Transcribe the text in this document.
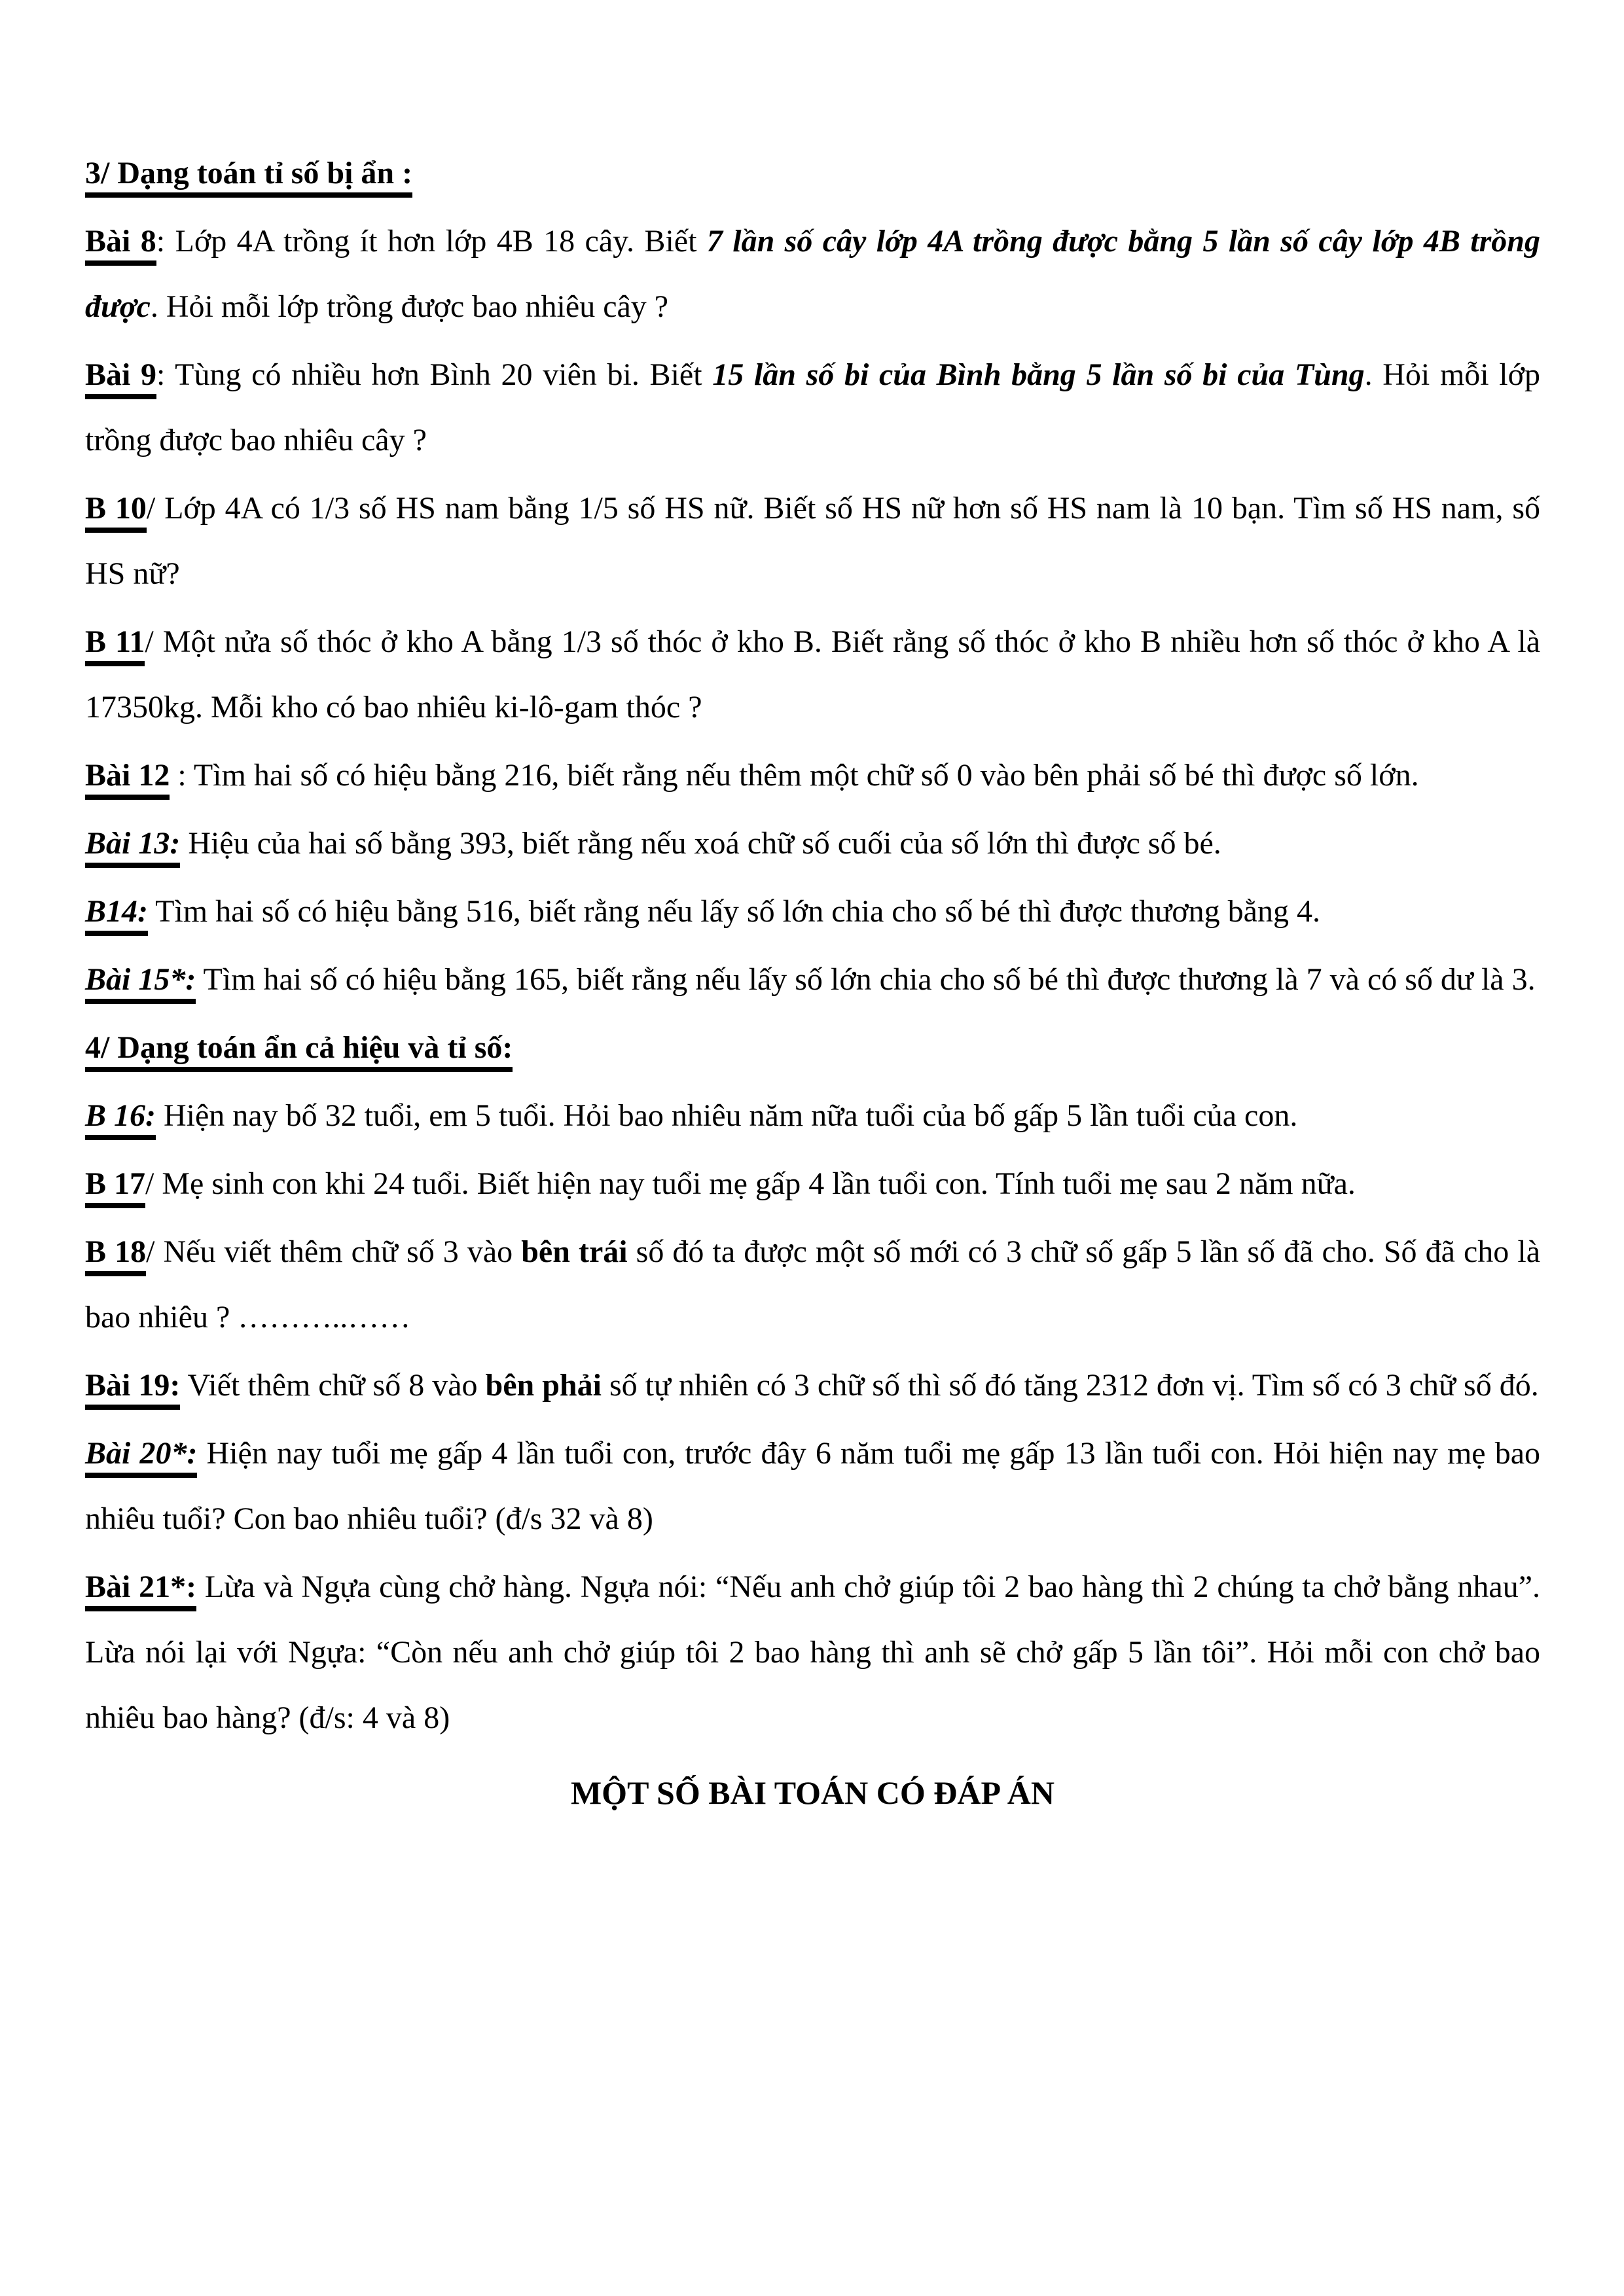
3/ Dạng toán tỉ số bị ẩn :

Bài 8: Lớp 4A trồng ít hơn lớp 4B 18 cây. Biết 7 lần số cây lớp 4A trồng được bằng 5 lần số cây lớp 4B trồng được. Hỏi mỗi lớp trồng được bao nhiêu cây ?

Bài 9: Tùng có nhiều hơn Bình 20 viên bi. Biết 15 lần số bi của Bình bằng 5 lần số bi của Tùng. Hỏi mỗi lớp trồng được bao nhiêu cây ?

B 10/ Lớp 4A có 1/3 số HS nam bằng 1/5 số HS nữ. Biết số HS nữ hơn số HS nam là 10 bạn. Tìm số HS nam, số HS nữ?

B 11/ Một nửa số thóc ở kho A bằng 1/3 số thóc ở kho B. Biết rằng số thóc ở kho B nhiều hơn số thóc ở kho A là 17350kg. Mỗi kho có bao nhiêu ki-lô-gam thóc ?

Bài 12 : Tìm hai số có hiệu bằng 216, biết rằng nếu thêm một chữ số 0 vào bên phải số bé thì được số lớn.

Bài 13: Hiệu của hai số bằng 393, biết rằng nếu xoá chữ số cuối của số lớn thì được số bé.

B14: Tìm hai số có hiệu bằng 516, biết rằng nếu lấy số lớn chia cho số bé thì được thương bằng 4.

Bài 15*: Tìm hai số có hiệu bằng 165, biết rằng nếu lấy số lớn chia cho số bé thì được thương là 7 và có số dư là 3.

4/ Dạng toán ẩn cả hiệu và tỉ số:

B 16: Hiện nay bố 32 tuổi, em 5 tuổi. Hỏi bao nhiêu năm nữa tuổi của bố gấp 5 lần tuổi của con.

B 17/ Mẹ sinh con khi 24 tuổi. Biết hiện nay tuổi mẹ gấp 4 lần tuổi con. Tính tuổi mẹ sau 2 năm nữa.

B 18/ Nếu viết thêm chữ số 3 vào bên trái số đó ta được một số mới có 3 chữ số gấp 5 lần số đã cho. Số đã cho là bao nhiêu ? ………..……

Bài 19: Viết thêm chữ số 8 vào bên phải số tự nhiên có 3 chữ số thì số đó tăng 2312 đơn vị. Tìm số có 3 chữ số đó.

Bài 20*: Hiện nay tuổi mẹ gấp 4 lần tuổi con, trước đây 6 năm tuổi mẹ gấp 13 lần tuổi con. Hỏi hiện nay mẹ bao nhiêu tuổi? Con bao nhiêu tuổi? (đ/s 32 và 8)

Bài 21*: Lừa và Ngựa cùng chở hàng. Ngựa nói: “Nếu anh chở giúp tôi 2 bao hàng thì 2 chúng ta chở bằng nhau”. Lừa nói lại với Ngựa: “Còn nếu anh chở giúp tôi 2 bao hàng thì anh sẽ chở gấp 5 lần tôi”. Hỏi mỗi con chở bao nhiêu bao hàng? (đ/s: 4 và 8)

MỘT SỐ BÀI TOÁN CÓ ĐÁP ÁN
